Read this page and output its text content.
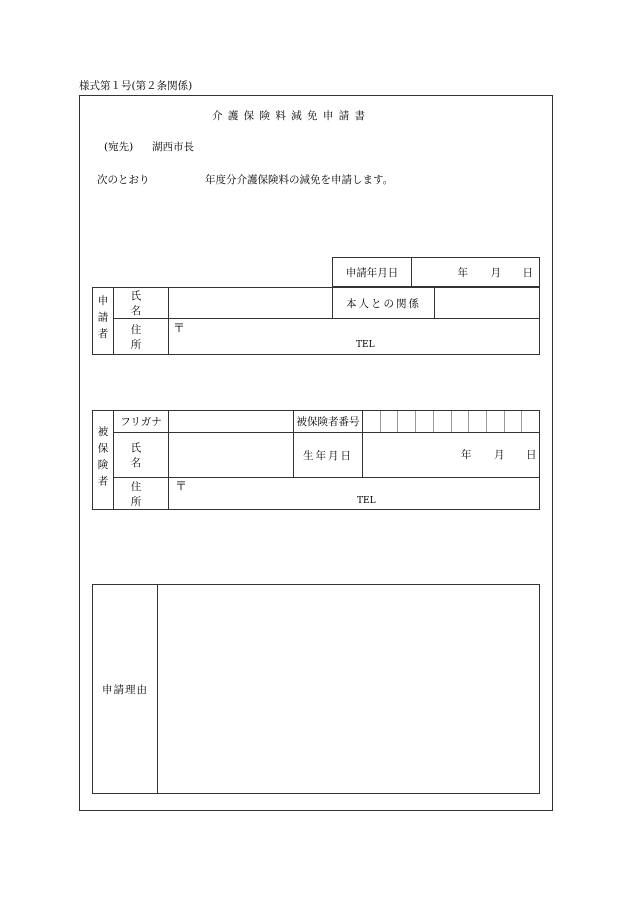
様式第１号(第２条関係)
介 護 保 険 料 減 免 申 請 書
(宛先) 湖西市長
次のとおり	年度分介護保険料の減免を申請します。
申請年月日	年 月 日
申請者	氏　名		本人との関係	
	住　所	〒
TEL		
被保険者	フリガナ		被保険者番号	

	氏　名		生年月日	年 月 日

	住　所	〒
TEL		
申請理由	
